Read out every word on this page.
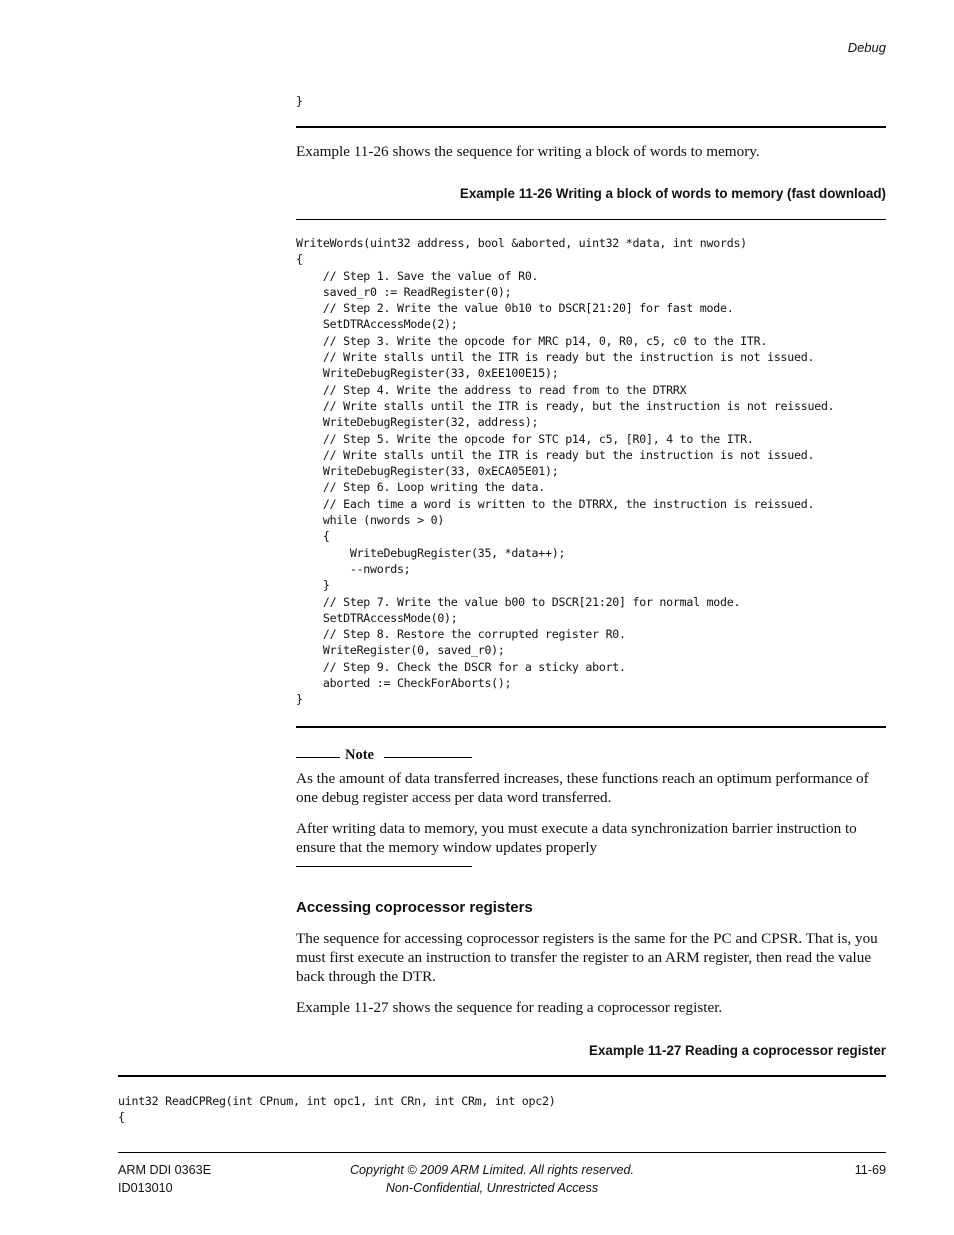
Debug
}
Example 11-26 shows the sequence for writing a block of words to memory.
Example 11-26 Writing a block of words to memory (fast download)
WriteWords(uint32 address, bool &aborted, uint32 *data, int nwords)
{
// Step 1. Save the value of R0.
saved_r0 := ReadRegister(0);
// Step 2. Write the value 0b10 to DSCR[21:20] for fast mode.
SetDTRAccessMode(2);
// Step 3. Write the opcode for MRC p14, 0, R0, c5, c0 to the ITR.
// Write stalls until the ITR is ready but the instruction is not issued.
WriteDebugRegister(33, 0xEE100E15);
// Step 4. Write the address to read from to the DTRRX
// Write stalls until the ITR is ready, but the instruction is not reissued.
WriteDebugRegister(32, address);
// Step 5. Write the opcode for STC p14, c5, [R0], 4 to the ITR.
// Write stalls until the ITR is ready but the instruction is not issued.
WriteDebugRegister(33, 0xECA05E01);
// Step 6. Loop writing the data.
// Each time a word is written to the DTRRX, the instruction is reissued.
while (nwords > 0)
{
WriteDebugRegister(35, *data++);
--nwords;
}
// Step 7. Write the value b00 to DSCR[21:20] for normal mode.
SetDTRAccessMode(0);
// Step 8. Restore the corrupted register R0.
WriteRegister(0, saved_r0);
// Step 9. Check the DSCR for a sticky abort.
aborted := CheckForAborts();
}
Note
As the amount of data transferred increases, these functions reach an optimum performance of one debug register access per data word transferred.
After writing data to memory, you must execute a data synchronization barrier instruction to ensure that the memory window updates properly
Accessing coprocessor registers
The sequence for accessing coprocessor registers is the same for the PC and CPSR. That is, you must first execute an instruction to transfer the register to an ARM register, then read the value back through the DTR.
Example 11-27 shows the sequence for reading a coprocessor register.
Example 11-27 Reading a coprocessor register
uint32 ReadCPReg(int CPnum, int opc1, int CRn, int CRm, int opc2)
{
ARM DDI 0363E
ID013010
Copyright © 2009 ARM Limited. All rights reserved.
Non-Confidential, Unrestricted Access
11-69
